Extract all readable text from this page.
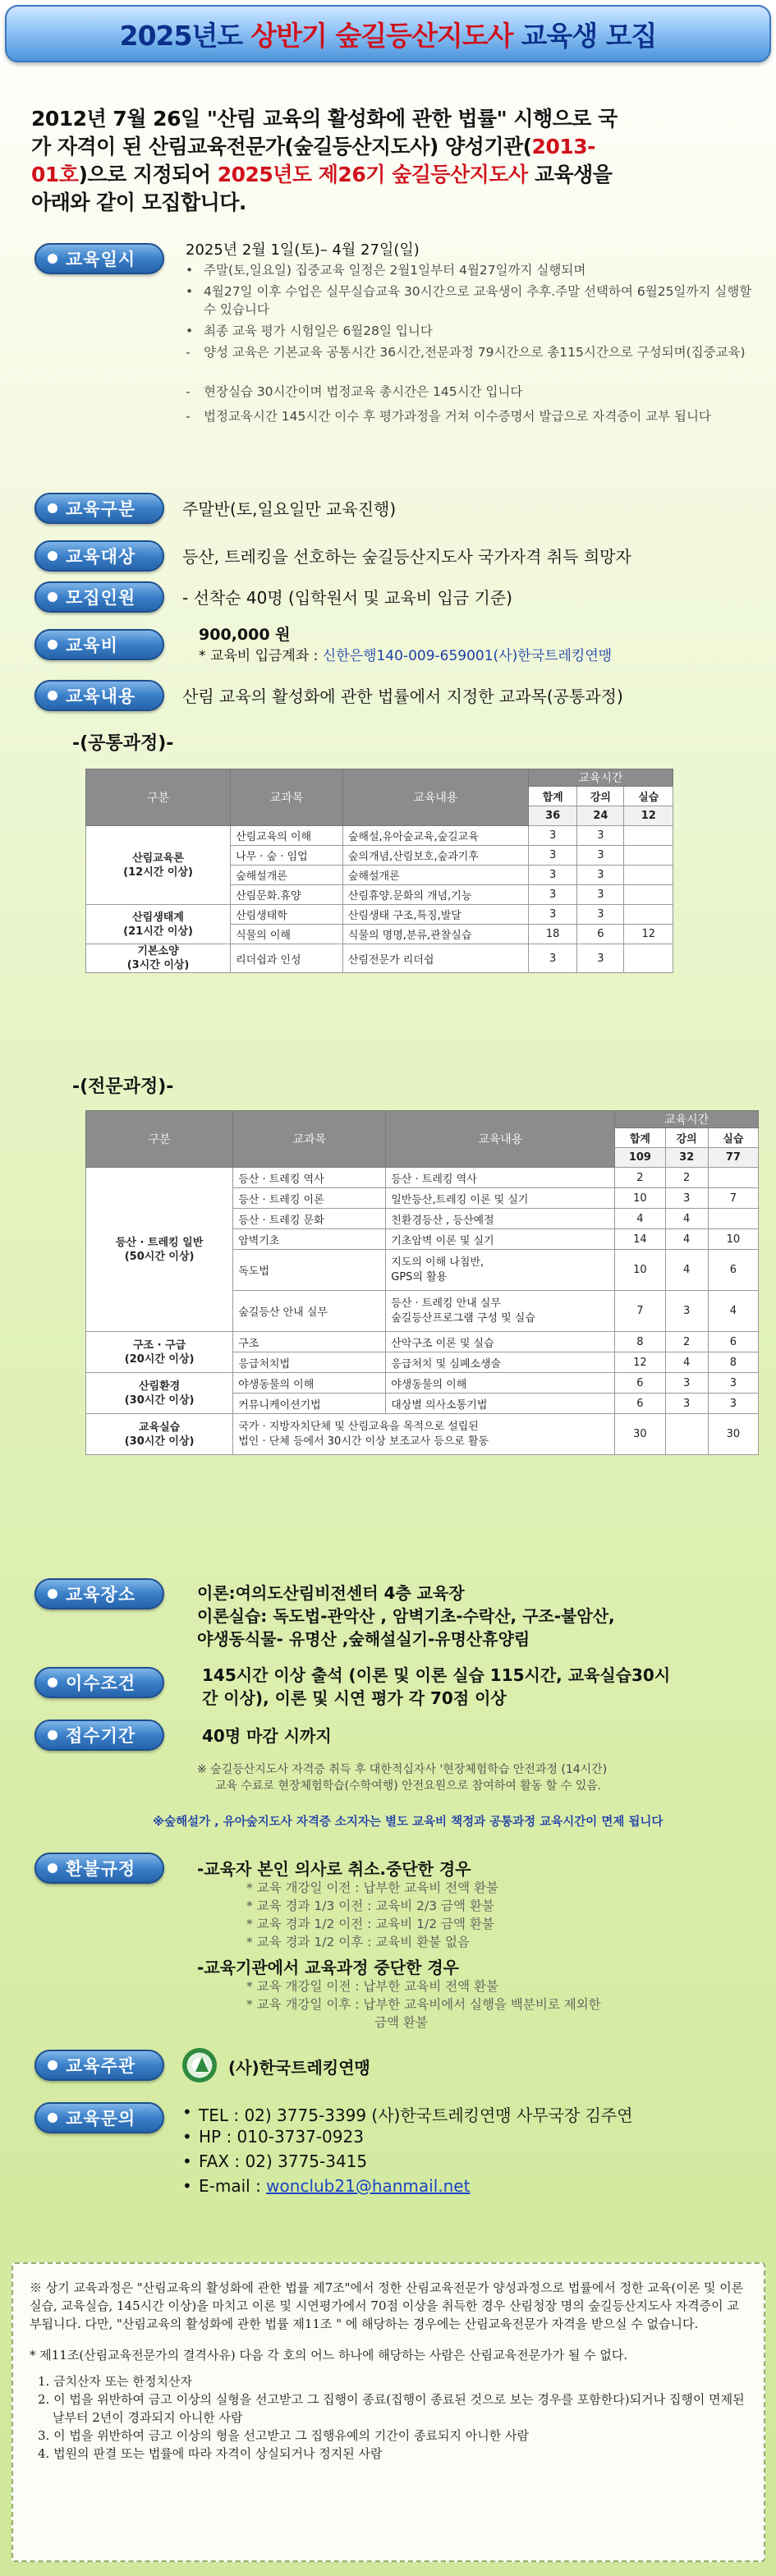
2025년도 상반기 숲길등산지도사 교육생 모집
2012년 7월 26일 "산림 교육의 활성화에 관한 법률" 시행으로 국
가 자격이 된 산림교육전문가(숲길등산지도사) 양성기관(2013-
01호)으로 지정되어 2025년도 제26기 숲길등산지도사 교육생을
아래와 같이 모집합니다.
교육일시	2025년 2월 1일(토)– 4월 27일(일)
• 주말(토,일요일) 집중교육 일정은 2월1일부터 4월27일까지 실행되며
• 4월27일 이후 수업은 실무실습교육 30시간으로 교육생이 추후.주말 선택하여 6월25일까지 실행할 수 있습니다
• 최종 교육 평가 시험일은 6월28일 입니다
-	양성 교육은 기본교육 공통시간 36시간,전문과정 79시간으로 총115시간으로 구성되며(집중교육)
-	현장실습 30시간이며 법정교육 총시간은 145시간 입니다
-	법정교육시간 145시간 이수 후 평가과정을 거쳐 이수증명서 발급으로 자격증이 교부 됩니다
교육구분	주말반(토,일요일만 교육진행)
교육대상	등산, 트레킹을 선호하는 숲길등산지도사 국가자격 취득 희망자
모집인원	- 선착순 40명 (입학원서 및 교육비 입금 기준)
교육비
900,000 원
* 교육비 입금계좌 : 신한은행140-009-659001(사)한국트레킹연맹
교육내용	산림 교육의 활성화에 관한 법률에서 지정한 교과목(공통과정)
-(공통과정)-
구분	교과목	교육내용	교육시간		
			합계	강의	실습
			36	24	12
산림교육론
(12시간 이상)	산림교육의 이해	숲해설,유아숲교육,숲길교육	3	3	
	나무 · 숲 · 임업	숲의개념,산림보호,숲과기후	3	3	
	숲해설개론	숲해설개론	3	3	
	산림문화.휴양	산림휴양.문화의 개념,기능	3	3	
산림생태계
(21시간 이상)	산림생태학	산림생태 구조,특징,발달	3	3	
	식물의 이해	식물의 명명,분류,관찰실습	18	6	12
기본소양
(3시간 이상)	리더쉽과 인성	산림전문가 리더쉽	3	3	
-(전문과정)-
구분	교과목	교육내용	교육시간		
			합계	강의	실습
			109	32	77
등산 · 트레킹 일반
(50시간 이상)	등산 · 트레킹 역사	등산 · 트레킹 역사	2	2	
	등산 · 트레킹 이론	일반등산,트레킹 이론 및 실기	10	3	7
	등산 · 트레킹 문화	친환경등산 , 등산예절	4	4	
	암벽기초	기초암벽 이론 및 실기	14	4	10
	독도법	지도의 이해 나침반,
GPS의 활용	10	4	6
	숲길등산 안내 실무	등산 · 트레킹 안내 실무
숲길등산프로그램 구성 및 실습	7	3	4
구조 · 구급
(20시간 이상)	구조	산악구조 이론 및 실습	8	2	6
	응급처치법	응급처치 및 심폐소생술	12	4	8
산림환경
(30시간 이상)	야생동물의 이해	야생동물의 이해	6	3	3
	커뮤니케이션기법	대상별 의사소통기법	6	3	3
교육실습
(30시간 이상)	국가 · 지방자치단체 및 산림교육을 목적으로 설립된
법인 · 단체 등에서 30시간 이상 보조교사 등으로 활동		30		30
교육장소	이론:여의도산림비전센터 4층 교육장
이론실습: 독도법-관악산 , 암벽기초-수락산, 구조-불암산,
야생동식물- 유명산 ,숲해설실기-유명산휴양림
이수조건	145시간 이상 출석 (이론 및 이론 실습 115시간, 교육실습30시
간 이상), 이론 및 시연 평가 각 70점 이상
접수기간	40명 마감 시까지
※ 숲길등산지도사 자격증 취득 후 대한적십자사 '현장체험학습 안전과정 (14시간)
교육 수료로 현장체험학습(수학여행) 안전요원으로 참여하여 활동 할 수 있음.
※숲해설가 , 유아숲지도사 자격증 소지자는 별도 교육비 책정과 공통과정 교육시간이 면제 됩니다
환불규정	-교육자 본인 의사로 취소.중단한 경우
* 교육 개강일 이전 : 납부한 교육비 전액 환불
* 교육 경과 1/3 이전 : 교육비 2/3 금액 환불
* 교육 경과 1/2 이전 : 교육비 1/2 금액 환불
* 교육 경과 1/2 이후 : 교육비 환불 없음
-교육기관에서 교육과정 중단한 경우
* 교육 개강일 이전 : 납부한 교육비 전액 환불
* 교육 개강일 이후 : 납부한 교육비에서 실행을 백분비로 제외한
금액 환불
교육주관	(사)한국트레킹연맹
교육문의	• TEL : 02) 3775-3399 (사)한국트레킹연맹 사무국장 김주연
• HP : 010-3737-0923
• FAX : 02) 3775-3415
• E-mail : wonclub21@hanmail.net

※ 상기 교육과정은 "산림교육의 활성화에 관한 법률 제7조"에서 정한 산림교육전문가 양성과정으로 법률에서 정한 교육(이론 및 이론실습, 교육실습, 145시간 이상)을 마치고 이론 및 시연평가에서 70점 이상을 취득한 경우 산림청장 명의 숲길등산지도사 자격증이 교부됩니다. 다만, "산림교육의 활성화에 관한 법률 제11조 " 에 해당하는 경우에는 산림교육전문가 자격을 받으실 수 없습니다.

* 제11조(산림교육전문가의 결격사유) 다음 각 호의 어느 하나에 해당하는 사람은 산림교육전문가가 될 수 없다.

1. 금치산자 또는 한정치산자
2. 이 법을 위반하여 금고 이상의 실형을 선고받고 그 집행이 종료(집행이 종료된 것으로 보는 경우를 포함한다)되거나 집행이 면제된 날부터 2년이 경과되지 아니한 사람
3. 이 법을 위반하여 금고 이상의 형을 선고받고 그 집행유예의 기간이 종료되지 아니한 사람
4. 법원의 판결 또는 법률에 따라 자격이 상실되거나 정지된 사람
